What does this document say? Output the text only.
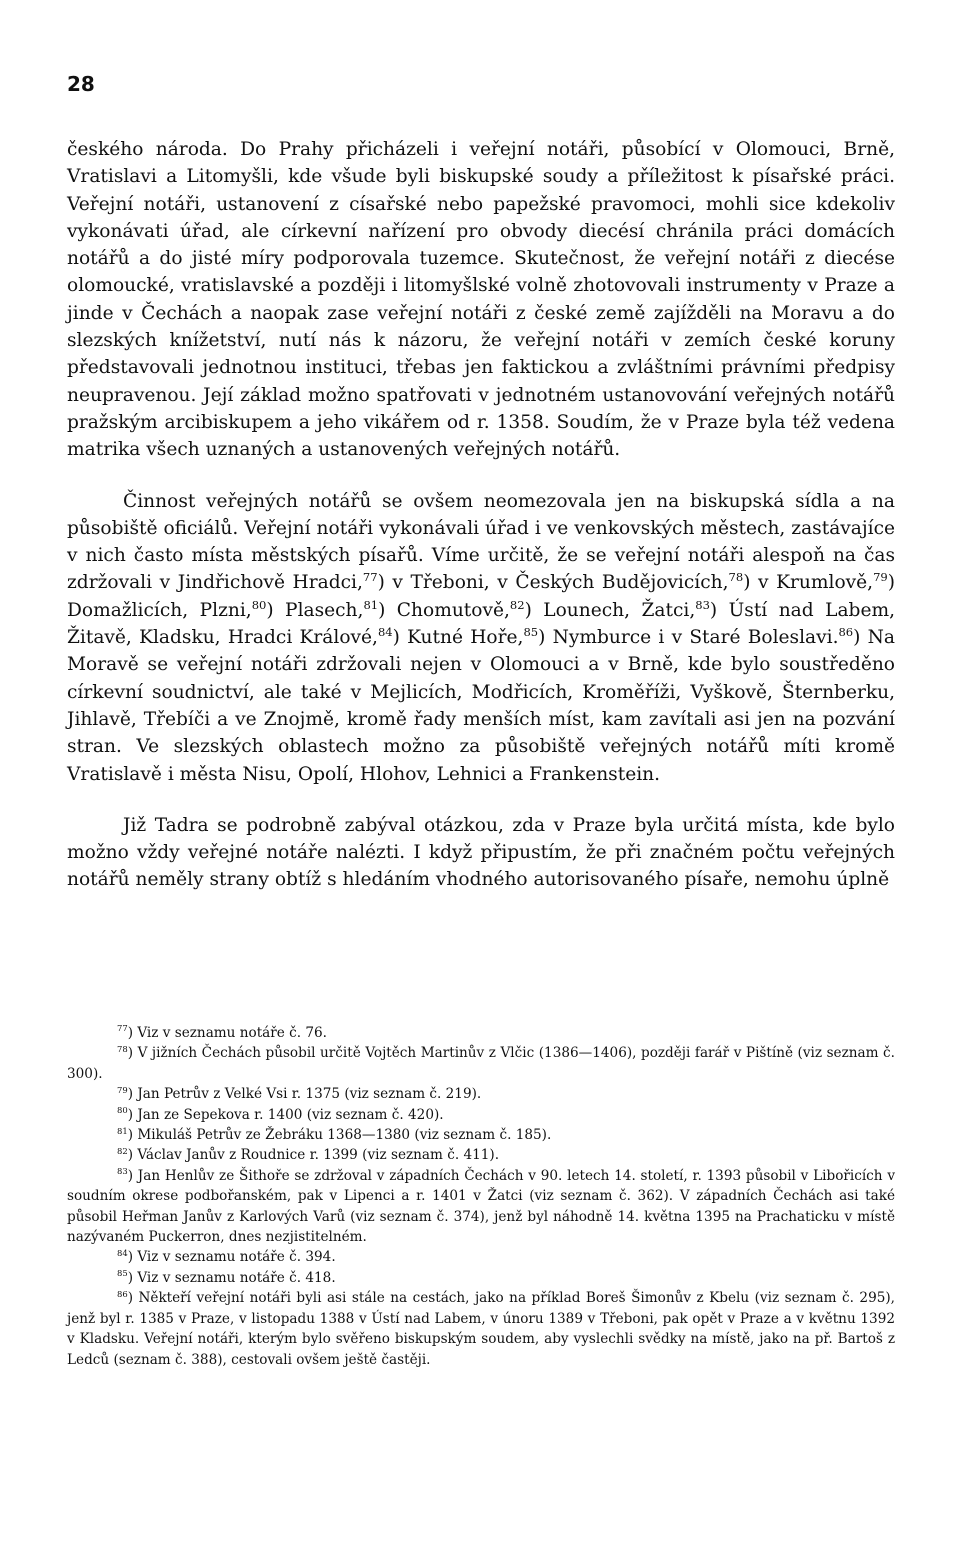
28

českého národa. Do Prahy přicházeli i veřejní notáři, působící v Olomouci, Brně, Vratislavi a Litomyšli, kde všude byli biskupské soudy a příležitost k písařské práci. Veřejní notáři, ustanovení z císařské nebo papežské pravomoci, mohli sice kdekoliv vykonávati úřad, ale církevní nařízení pro obvody diecésí chránila práci domácích notářů a do jisté míry podporovala tuzemce. Skutečnost, že veřejní notáři z diecése olomoucké, vratislavské a později i litomyšlské volně zhotovovali instrumenty v Praze a jinde v Čechách a naopak zase veřejní notáři z české země zajížděli na Moravu a do slezských knížetství, nutí nás k názoru, že veřejní notáři v zemích české koruny představovali jednotnou instituci, třebas jen faktickou a zvláštními právními předpisy neupravenou. Její základ možno spatřovati v jednotném ustanovování veřejných notářů pražským arcibiskupem a jeho vikářem od r. 1358. Soudím, že v Praze byla též vedena matrika všech uznaných a ustanovených veřejných notářů.

Činnost veřejných notářů se ovšem neomezovala jen na biskupská sídla a na působiště oficiálů. Veřejní notáři vykonávali úřad i ve venkovských městech, zastávajíce v nich často místa městských písařů. Víme určitě, že se veřejní notáři alespoň na čas zdržovali v Jindřichově Hradci,$^{77}$) v Třeboni, v Českých Budějovicích,$^{78}$) v Krumlově,$^{79}$) Domažlicích, Plzni,$^{80}$) Plasech,$^{81}$) Chomutově,$^{82}$) Lounech, Žatci,$^{83}$) Ústí nad Labem, Žitavě, Kladsku, Hradci Králové,$^{84}$) Kutné Hoře,$^{85}$) Nymburce i v Staré Boleslavi.$^{86}$) Na Moravě se veřejní notáři zdržovali nejen v Olomouci a v Brně, kde bylo soustředěno církevní soudnictví, ale také v Mejlicích, Modřicích, Kroměříži, Vyškově, Šternberku, Jihlavě, Třebíči a ve Znojmě, kromě řady menších míst, kam zavítali asi jen na pozvání stran. Ve slezských oblastech možno za působiště veřejných notářů míti kromě Vratislavě i města Nisu, Opolí, Hlohov, Lehnici a Frankenstein.

Již Tadra se podrobně zabýval otázkou, zda v Praze byla určitá místa, kde bylo možno vždy veřejné notáře nalézti. I když připustím, že při značném počtu veřejných notářů neměly strany obtíž s hledáním vhodného autorisovaného písaře, nemohu úplně

$^{77}$) Viz v seznamu notáře č. 76.

$^{78}$) V jižních Čechách působil určitě Vojtěch Martinův z Vlčic (1386—1406), později farář v Pištíně (viz seznam č. 300).

$^{79}$) Jan Petrův z Velké Vsi r. 1375 (viz seznam č. 219).

$^{80}$) Jan ze Sepekova r. 1400 (viz seznam č. 420).

$^{81}$) Mikuláš Petrův ze Žebráku 1368—1380 (viz seznam č. 185).

$^{82}$) Václav Janův z Roudnice r. 1399 (viz seznam č. 411).

$^{83}$) Jan Henlův ze Šithoře se zdržoval v západních Čechách v 90. letech 14. století, r. 1393 působil v Libořicích v soudním okrese podbořanském, pak v Lipenci a r. 1401 v Žatci (viz seznam č. 362). V západních Čechách asi také působil Heřman Janův z Karlových Varů (viz seznam č. 374), jenž byl náhodně 14. května 1395 na Prachaticku v místě nazývaném Puckerron, dnes nezjistitelném.

$^{84}$) Viz v seznamu notáře č. 394.

$^{85}$) Viz v seznamu notáře č. 418.

$^{86}$) Někteří veřejní notáři byli asi stále na cestách, jako na příklad Boreš Šimonův z Kbelu (viz seznam č. 295), jenž byl r. 1385 v Praze, v listopadu 1388 v Ústí nad Labem, v únoru 1389 v Třeboni, pak opět v Praze a v květnu 1392 v Kladsku. Veřejní notáři, kterým bylo svěřeno biskupským soudem, aby vyslechli svědky na místě, jako na př. Bartoš z Ledců (seznam č. 388), cestovali ovšem ještě častěji.
